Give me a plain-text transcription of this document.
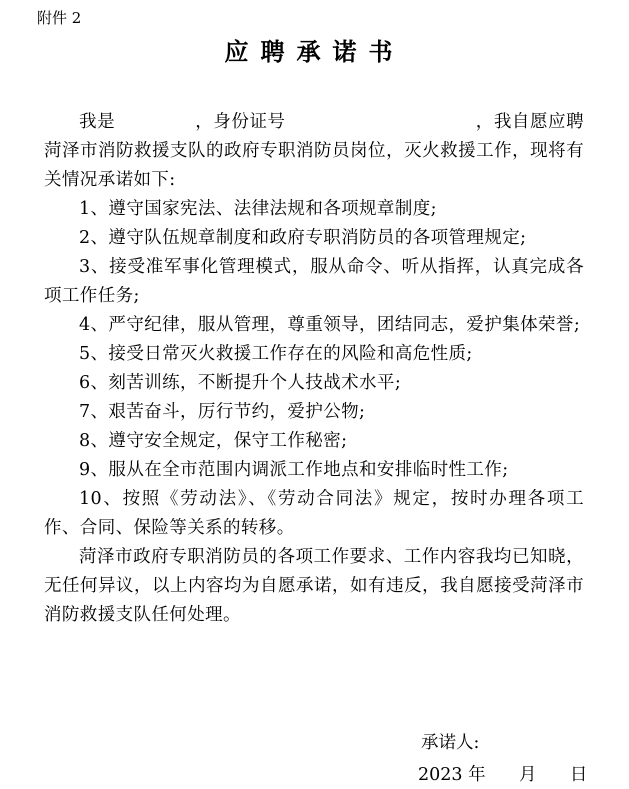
附件 2
应聘承诺书

我是	，身份证号	，我自愿应聘菏泽市消防救援支队的政府专职消防员岗位，灭火救援工作，现将有关情况承诺如下:

1、遵守国家宪法、法律法规和各项规章制度;

2、遵守队伍规章制度和政府专职消防员的各项管理规定;

3、接受准军事化管理模式，服从命令、听从指挥，认真完成各项工作任务;

4、严守纪律，服从管理，尊重领导，团结同志，爱护集体荣誉;

5、接受日常灭火救援工作存在的风险和高危性质;

6、刻苦训练，不断提升个人技战术水平;

7、艰苦奋斗，厉行节约，爱护公物;

8、遵守安全规定，保守工作秘密;

9、服从在全市范围内调派工作地点和安排临时性工作;

10、按照《劳动法》、《劳动合同法》规定，按时办理各项工作、合同、保险等关系的转移。

菏泽市政府专职消防员的各项工作要求、工作内容我均已知晓，无任何异议，以上内容均为自愿承诺，如有违反，我自愿接受菏泽市消防救援支队任何处理。

承诺人:
2023 年 月 日
